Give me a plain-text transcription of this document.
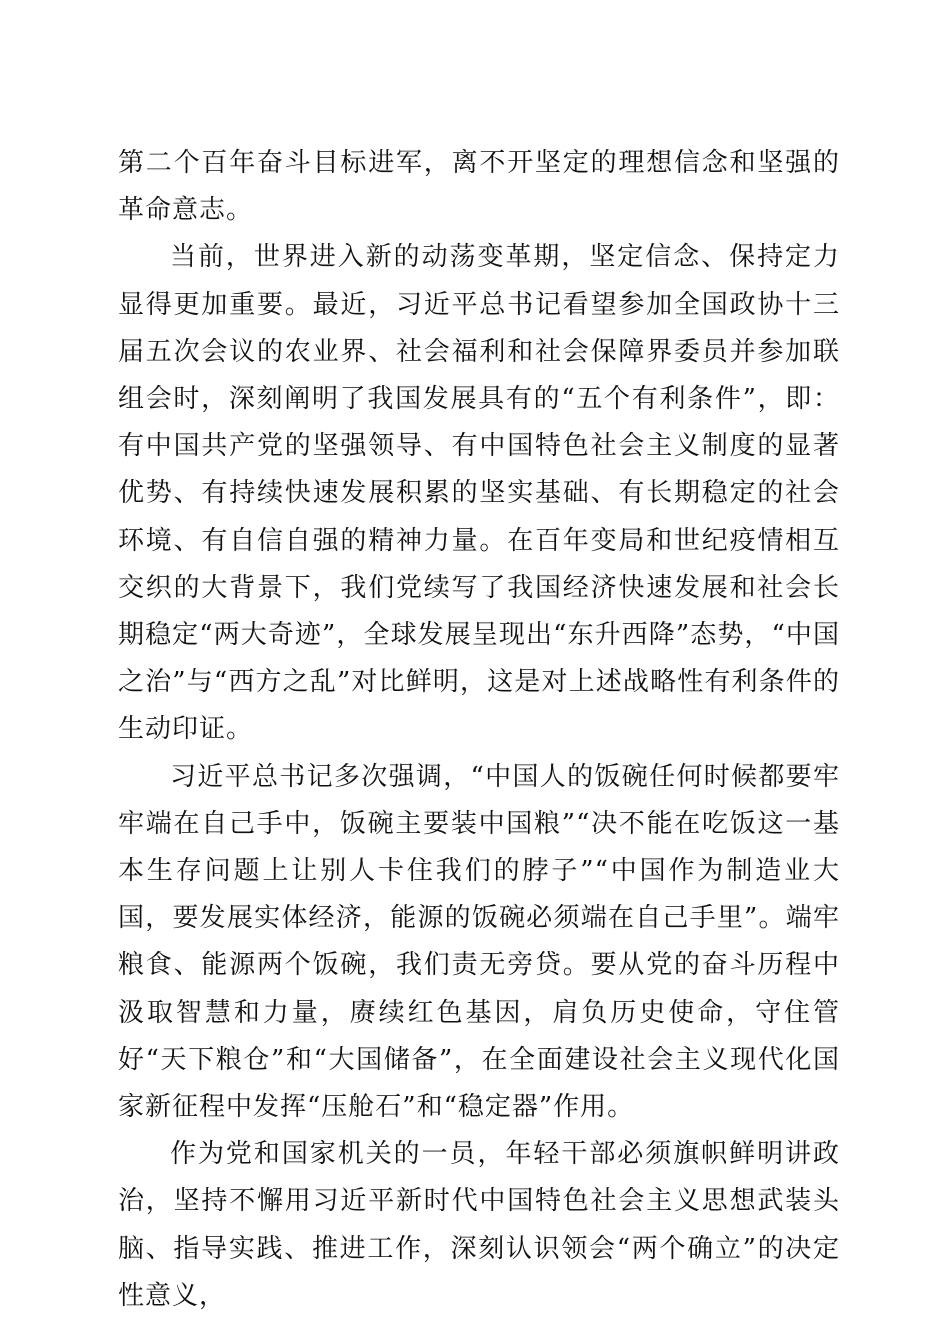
第二个百年奋斗目标进军，离不开坚定的理想信念和坚强的革命意志。

当前，世界进入新的动荡变革期，坚定信念、保持定力显得更加重要。最近，习近平总书记看望参加全国政协十三届五次会议的农业界、社会福利和社会保障界委员并参加联组会时，深刻阐明了我国发展具有的“五个有利条件”，即：有中国共产党的坚强领导、有中国特色社会主义制度的显著优势、有持续快速发展积累的坚实基础、有长期稳定的社会环境、有自信自强的精神力量。在百年变局和世纪疫情相互交织的大背景下，我们党续写了我国经济快速发展和社会长期稳定“两大奇迹”，全球发展呈现出“东升西降”态势，“中国之治”与“西方之乱”对比鲜明，这是对上述战略性有利条件的生动印证。

习近平总书记多次强调，“中国人的饭碗任何时候都要牢牢端在自己手中，饭碗主要装中国粮”“决不能在吃饭这一基本生存问题上让别人卡住我们的脖子”“中国作为制造业大国，要发展实体经济，能源的饭碗必须端在自己手里”。端牢粮食、能源两个饭碗，我们责无旁贷。要从党的奋斗历程中汲取智慧和力量，赓续红色基因，肩负历史使命，守住管好“天下粮仓”和“大国储备”，在全面建设社会主义现代化国家新征程中发挥“压舱石”和“稳定器”作用。

作为党和国家机关的一员，年轻干部必须旗帜鲜明讲政治，坚持不懈用习近平新时代中国特色社会主义思想武装头脑、指导实践、推进工作，深刻认识领会“两个确立”的决定性意义，
